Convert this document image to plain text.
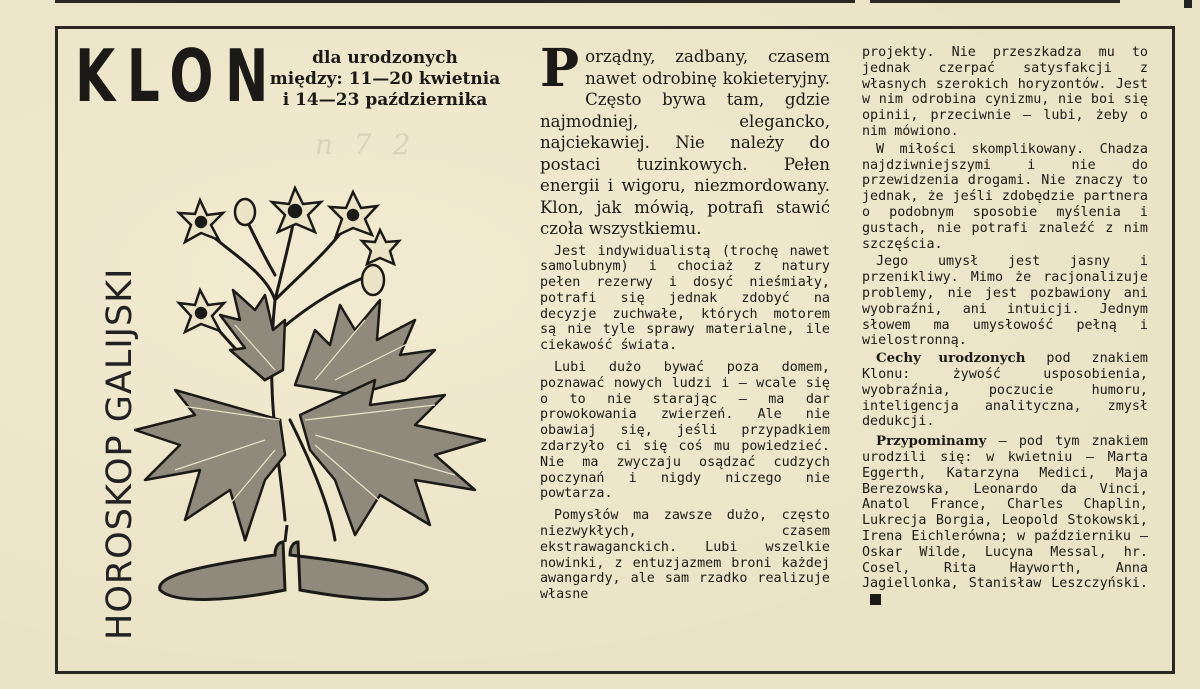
KLON	dla urodzonych
między: 11—20 kwietnia
i 14—23 października
n 7 2
HOROSKOP GALIJSKI

Porządny, zadbany, czasem nawet odrobinę kokieteryjny. Często bywa tam, gdzie najmodniej, elegancko, najciekawiej. Nie należy do postaci tuzinkowych. Pełen energii i wigoru, niezmordowany. Klon, jak mówią, potrafi stawić czoła wszystkiemu.

Jest indywidualistą (trochę nawet samolubnym) i chociaż z natury pełen rezerwy i dosyć nieśmiały, potrafi się jednak zdobyć na decyzje zuchwałe, których motorem są nie tyle sprawy materialne, ile ciekawość świata.

Lubi dużo bywać poza domem, poznawać nowych ludzi i — wcale się o to nie starając — ma dar prowokowania zwierzeń. Ale nie obawiaj się, jeśli przypadkiem zdarzyło ci się coś mu powiedzieć. Nie ma zwyczaju osądzać cudzych poczynań i nigdy niczego nie powtarza.

Pomysłów ma zawsze dużo, często niezwykłych, czasem ekstrawaganckich. Lubi wszelkie nowinki, z entuzjazmem broni każdej awangardy, ale sam rzadko realizuje własne

projekty. Nie przeszkadza mu to jednak czerpać satysfakcji z własnych szerokich horyzontów. Jest w nim odrobina cynizmu, nie boi się opinii, przeciwnie — lubi, żeby o nim mówiono.

W miłości skomplikowany. Chadza najdziwniejszymi i nie do przewidzenia drogami. Nie znaczy to jednak, że jeśli zdobędzie partnera o podobnym sposobie myślenia i gustach, nie potrafi znaleźć z nim szczęścia.

Jego umysł jest jasny i przenikliwy. Mimo że racjonalizuje problemy, nie jest pozbawiony ani wyobraźni, ani intuicji. Jednym słowem ma umysłowość pełną i wielostronną.

Cechy urodzonych pod znakiem Klonu: żywość usposobienia, wyobraźnia, poczucie humoru, inteligencja analityczna, zmysł dedukcji.

Przypominamy — pod tym znakiem urodzili się: w kwietniu — Marta Eggerth, Katarzyna Medici, Maja Berezowska, Leonardo da Vinci, Anatol France, Charles Chaplin, Lukrecja Borgia, Leopold Stokowski, Irena Eichlerówna; w październiku — Oskar Wilde, Lucyna Messal, hr. Cosel, Rita Hayworth, Anna Jagiellonka, Stanisław Leszczyński.
